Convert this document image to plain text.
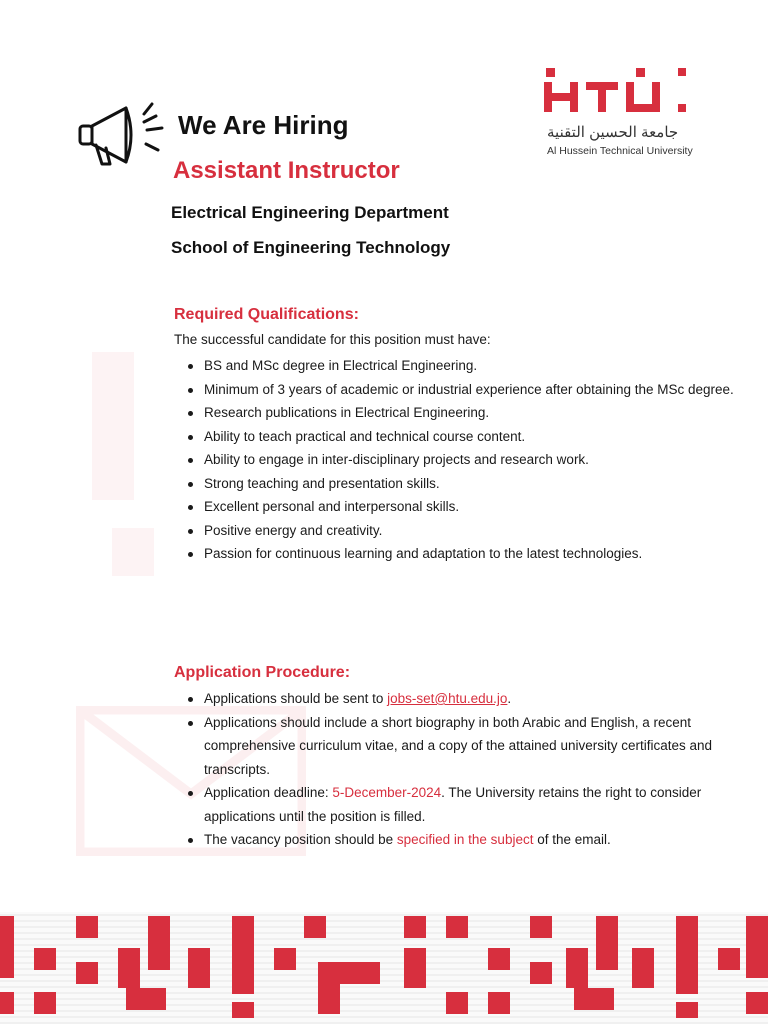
We Are Hiring
Assistant Instructor
Electrical Engineering Department
School of Engineering Technology
جامعة الحسين التقنية
Al Hussein Technical University
Required Qualifications:
The successful candidate for this position must have:
BS and MSc degree in Electrical Engineering.
Minimum of 3 years of academic or industrial experience after obtaining the MSc degree.
Research publications in Electrical Engineering.
Ability to teach practical and technical course content.
Ability to engage in inter-disciplinary projects and research work.
Strong teaching and presentation skills.
Excellent personal and interpersonal skills.
Positive energy and creativity.
Passion for continuous learning and adaptation to the latest technologies.
Application Procedure:
Applications should be sent to jobs-set@htu.edu.jo.
Applications should include a short biography in both Arabic and English, a recent comprehensive curriculum vitae, and a copy of the attained university certificates and transcripts.
Application deadline: 5-December-2024. The University retains the right to consider applications until the position is filled.
The vacancy position should be specified in the subject of the email.
